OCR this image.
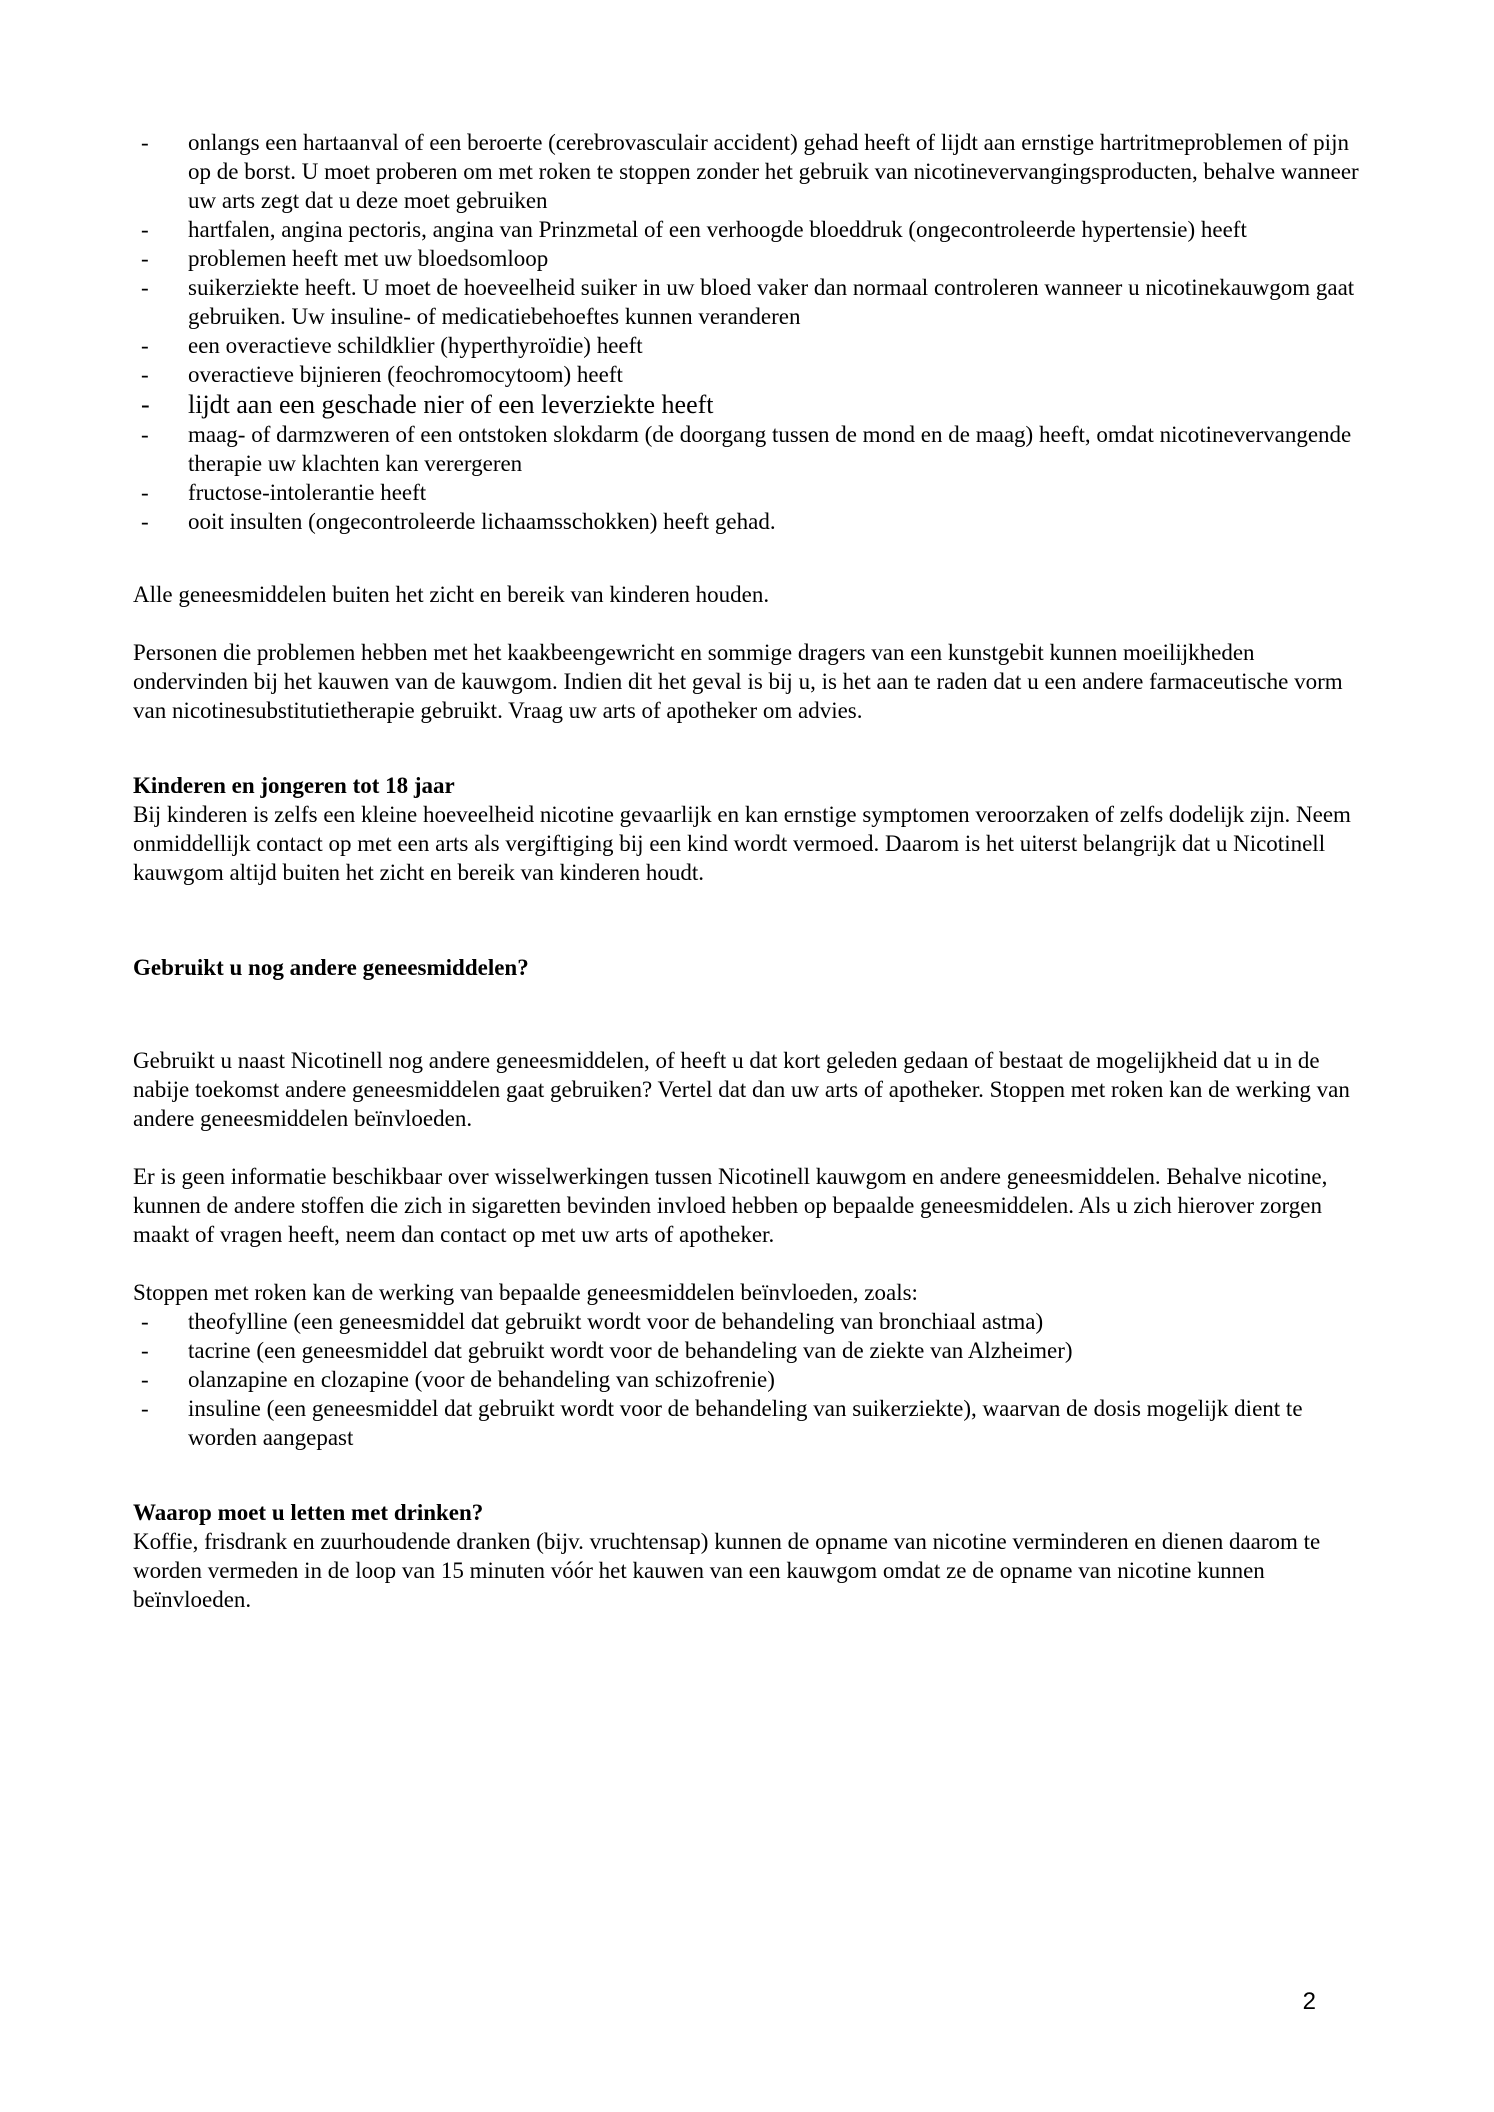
-	onlangs een hartaanval of een beroerte (cerebrovasculair accident) gehad heeft of lijdt aan ernstige hartritmeproblemen of pijn op de borst. U moet proberen om met roken te stoppen zonder het gebruik van nicotinevervangingsproducten, behalve wanneer uw arts zegt dat u deze moet gebruiken
-	hartfalen, angina pectoris, angina van Prinzmetal of een verhoogde bloeddruk (ongecontroleerde hypertensie) heeft
-	problemen heeft met uw bloedsomloop
-	suikerziekte heeft. U moet de hoeveelheid suiker in uw bloed vaker dan normaal controleren wanneer u nicotinekauwgom gaat gebruiken. Uw insuline- of medicatiebehoeftes kunnen veranderen
-	een overactieve schildklier (hyperthyroïdie) heeft
-	overactieve bijnieren (feochromocytoom) heeft
-	lijdt aan een geschade nier of een leverziekte heeft
-	maag- of darmzweren of een ontstoken slokdarm (de doorgang tussen de mond en de maag) heeft, omdat nicotinevervangende therapie uw klachten kan verergeren
-	fructose-intolerantie heeft
-	ooit insulten (ongecontroleerde lichaamsschokken) heeft gehad.

Alle geneesmiddelen buiten het zicht en bereik van kinderen houden.

Personen die problemen hebben met het kaakbeengewricht en sommige dragers van een kunstgebit kunnen moeilijkheden ondervinden bij het kauwen van de kauwgom. Indien dit het geval is bij u, is het aan te raden dat u een andere farmaceutische vorm van nicotinesubstitutietherapie gebruikt. Vraag uw arts of apotheker om advies.

Kinderen en jongeren tot 18 jaar

Bij kinderen is zelfs een kleine hoeveelheid nicotine gevaarlijk en kan ernstige symptomen veroorzaken of zelfs dodelijk zijn. Neem onmiddellijk contact op met een arts als vergiftiging bij een kind wordt vermoed. Daarom is het uiterst belangrijk dat u Nicotinell kauwgom altijd buiten het zicht en bereik van kinderen houdt.

Gebruikt u nog andere geneesmiddelen?

Gebruikt u naast Nicotinell nog andere geneesmiddelen, of heeft u dat kort geleden gedaan of bestaat de mogelijkheid dat u in de nabije toekomst andere geneesmiddelen gaat gebruiken? Vertel dat dan uw arts of apotheker. Stoppen met roken kan de werking van andere geneesmiddelen beïnvloeden.

Er is geen informatie beschikbaar over wisselwerkingen tussen Nicotinell kauwgom en andere geneesmiddelen. Behalve nicotine, kunnen de andere stoffen die zich in sigaretten bevinden invloed hebben op bepaalde geneesmiddelen. Als u zich hierover zorgen maakt of vragen heeft, neem dan contact op met uw arts of apotheker.

Stoppen met roken kan de werking van bepaalde geneesmiddelen beïnvloeden, zoals:

-	theofylline (een geneesmiddel dat gebruikt wordt voor de behandeling van bronchiaal astma)
-	tacrine (een geneesmiddel dat gebruikt wordt voor de behandeling van de ziekte van Alzheimer)
-	olanzapine en clozapine (voor de behandeling van schizofrenie)
-	insuline (een geneesmiddel dat gebruikt wordt voor de behandeling van suikerziekte), waarvan de dosis mogelijk dient te worden aangepast
Waarop moet u letten met drinken?

Koffie, frisdrank en zuurhoudende dranken (bijv. vruchtensap) kunnen de opname van nicotine verminderen en dienen daarom te worden vermeden in de loop van 15 minuten vóór het kauwen van een kauwgom omdat ze de opname van nicotine kunnen beïnvloeden.

2
